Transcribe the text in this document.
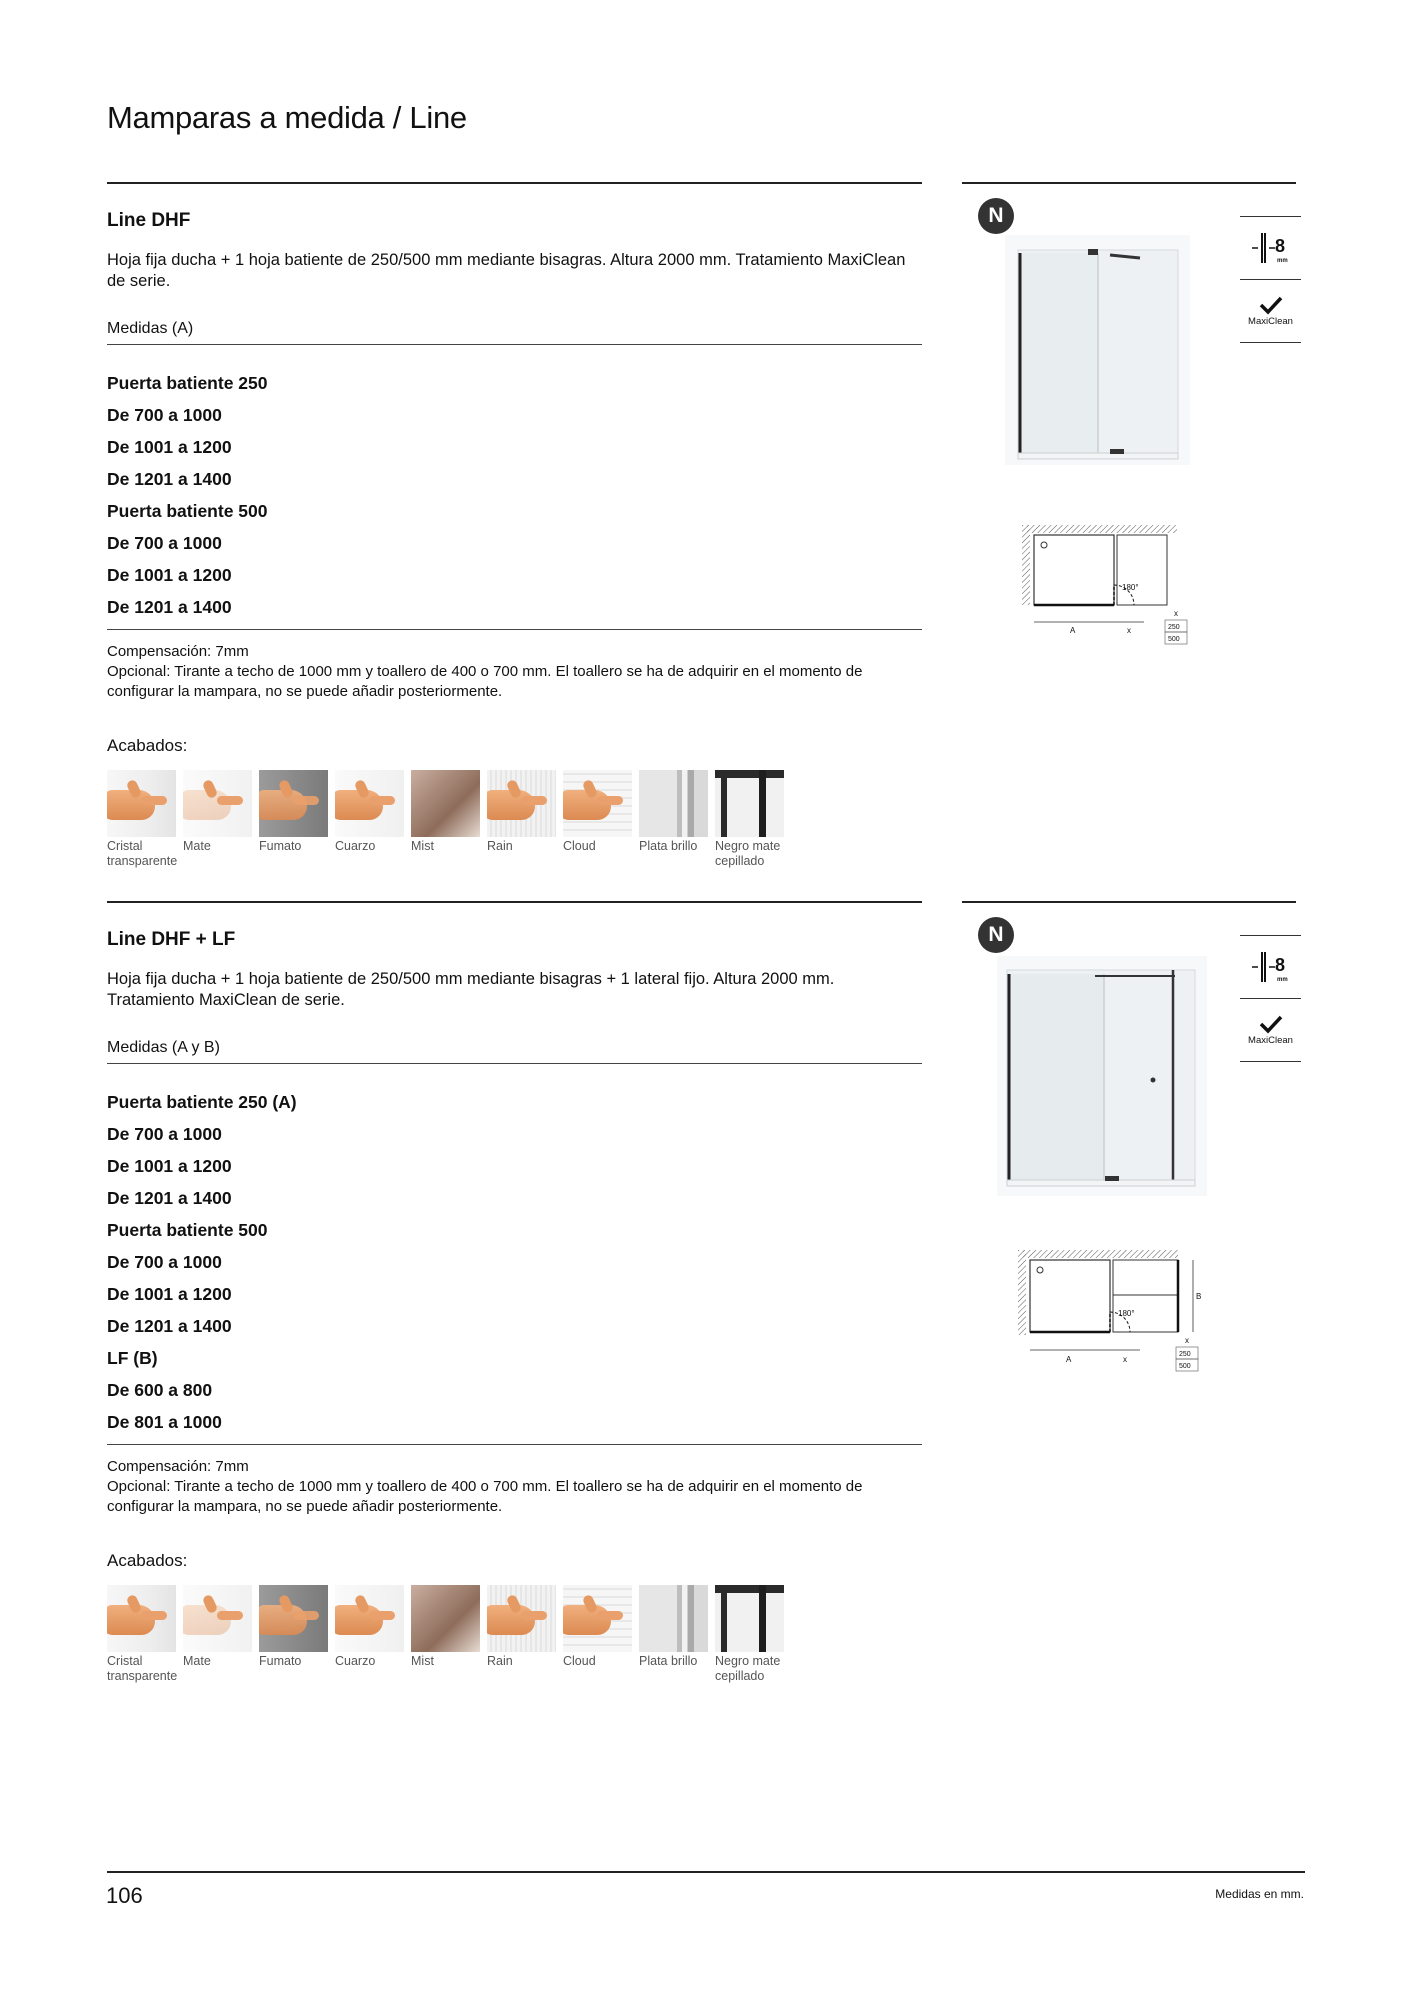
Mamparas a medida / Line
Line DHF
Hoja fija ducha + 1 hoja batiente de 250/500 mm mediante bisagras. Altura 2000 mm. Tratamiento MaxiClean de serie.
Medidas (A)
Puerta batiente 250
De 700 a 1000
De 1001 a 1200
De 1201 a 1400
Puerta batiente 500
De 700 a 1000
De 1001 a 1200
De 1201 a 1400
Compensación: 7mm
Opcional: Tirante a techo de 1000 mm y toallero de 400 o 700 mm. El toallero se ha de adquirir en el momento de configurar la mampara, no se puede añadir posteriormente.
Acabados:
Cristal transparente
Mate	Fumato	Cuarzo	Mist	Rain	Cloud	Plata brillo	Negro mate cepillado
N
180°
A	x
x
250
500
8
mm
MaxiClean
Line DHF + LF
Hoja fija ducha + 1 hoja batiente de 250/500 mm mediante bisagras + 1 lateral fijo. Altura 2000 mm. Tratamiento MaxiClean de serie.
Medidas (A y B)
Puerta batiente 250 (A)
De 700 a 1000
De 1001 a 1200
De 1201 a 1400
Puerta batiente 500
De 700 a 1000
De 1001 a 1200
De 1201 a 1400
LF (B)
De 600 a 800
De 801 a 1000
Compensación: 7mm
Opcional: Tirante a techo de 1000 mm y toallero de 400 o 700 mm. El toallero se ha de adquirir en el momento de configurar la mampara, no se puede añadir posteriormente.
Acabados:
Cristal transparente
Mate	Fumato	Cuarzo	Mist	Rain	Cloud	Plata brillo	Negro mate cepillado
N
180°
B
A	x
x
250
500
8
mm
MaxiClean
106	Medidas en mm.
